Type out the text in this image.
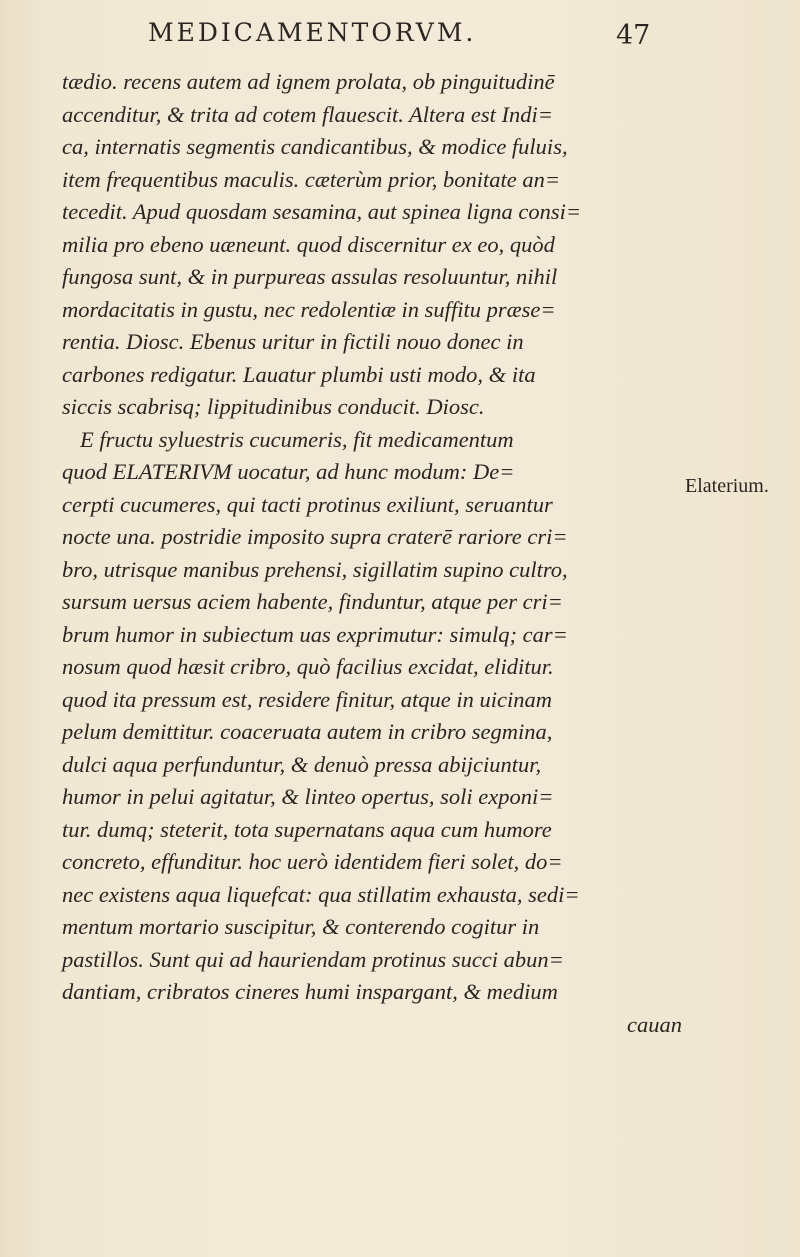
MEDICAMENTORVM.	47
tædio. recens autem ad ignem prolata, ob pinguitudinē
accenditur, & trita ad cotem flauescit. Altera est Indi=
ca, internatis segmentis candicantibus, & modice fuluis,
item frequentibus maculis. cæterùm prior, bonitate an=
tecedit. Apud quosdam sesamina, aut spinea ligna consi=
milia pro ebeno uæneunt. quod discernitur ex eo, quòd
fungosa sunt, & in purpureas assulas resoluuntur, nihil
mordacitatis in gustu, nec redolentiæ in suffitu præse=
rentia. Diosc. Ebenus uritur in fictili nouo donec in
carbones redigatur. Lauatur plumbi usti modo, & ita
siccis scabrisq; lippitudinibus conducit. Diosc.
E fructu syluestris cucumeris, fit medicamentum
quod ELATERIVM uocatur, ad hunc modum: De=
cerpti cucumeres, qui tacti protinus exiliunt, seruantur
nocte una. postridie imposito supra craterē rariore cri=
bro, utrisque manibus prehensi, sigillatim supino cultro,
sursum uersus aciem habente, finduntur, atque per cri=
brum humor in subiectum uas exprimutur: simulq; car=
nosum quod hæsit cribro, quò facilius excidat, eliditur.
quod ita pressum est, residere finitur, atque in uicinam
pelum demittitur. coaceruata autem in cribro segmina,
dulci aqua perfunduntur, & denuò pressa abijciuntur,
humor in pelui agitatur, & linteo opertus, soli exponi=
tur. dumq; steterit, tota supernatans aqua cum humore
concreto, effunditur. hoc uerò identidem fieri solet, do=
nec existens aqua liquefcat: qua stillatim exhausta, sedi=
mentum mortario suscipitur, & conterendo cogitur in
pastillos. Sunt qui ad hauriendam protinus succi abun=
dantiam, cribratos cineres humi inspargant, & medium
cauan
Elaterium.
